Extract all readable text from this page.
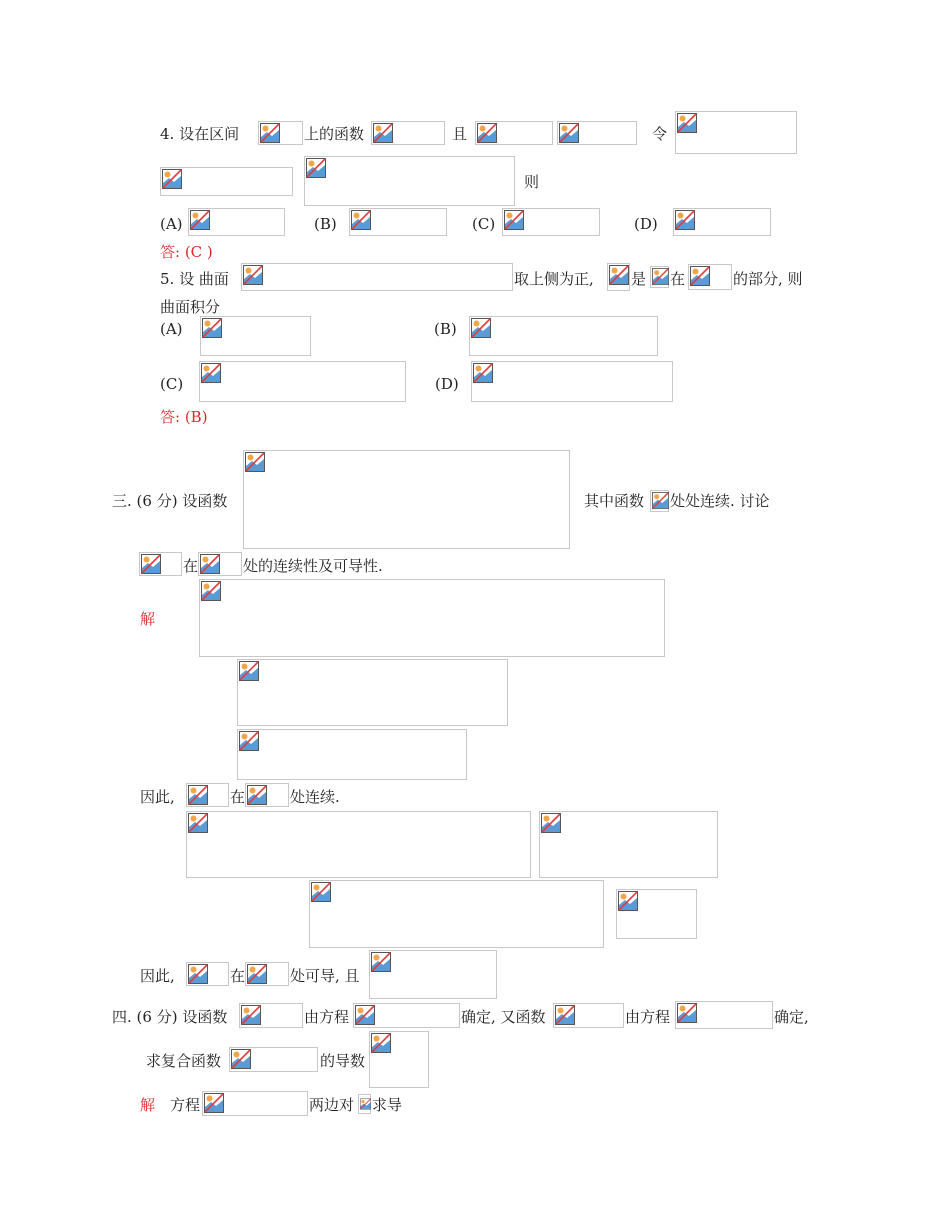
4. 设在区间	上的函数	且	令
则
(A)	(B)	(C)	(D)
答: (C )
5. 设 曲面	取上侧为正, 是 在	的部分, 则
曲面积分
(A)	(B)
(C)	(D)
答: (B)
三. (6 分) 设函数	其中函数 处处连续. 讨论
在	处的连续性及可导性.
解
因此,	在	处连续.
因此,	在	处可导, 且
四. (6 分) 设函数	由方程	确定, 又函数	由方程	确定,
求复合函数	的导数
解 方程	两边对 求导
